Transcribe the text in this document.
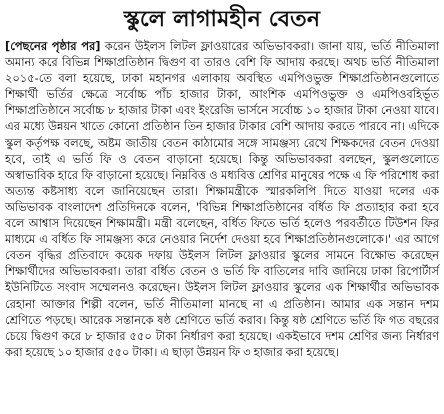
স্কুলে লাগামহীন বেতন

[পেছনের পৃষ্ঠার পর] করেন উইলস লিটল ফ্লাওয়ারের অভিভাবকরা। জানা যায়, ভর্তি নীতিমালা অমান্য করে বিভিন্ন শিক্ষাপ্রতিষ্ঠান দ্বিগুণ বা তারও বেশি ফি আদায় করছে। অথচ ভর্তি নীতিমালা ২০১৫-তে বলা হয়েছে, ঢাকা মহানগর এলাকায় অবস্থিত এমপিওভুক্ত শিক্ষাপ্রতিষ্ঠানগুলোতে শিক্ষার্থী ভর্তির ক্ষেত্রে সর্বোচ্চ পাঁচ হাজার টাকা, আংশিক এমপিওভুক্ত ও এমপিওবহির্ভূত শিক্ষাপ্রতিষ্ঠানে সর্বোচ্চ ৮ হাজার টাকা এবং ইংরেজি ভার্সনে সর্বোচ্চ ১০ হাজার টাকা নেওয়া যাবে। এর মধ্যে উন্নয়ন খাতে কোনো প্রতিষ্ঠান তিন হাজার টাকার বেশি আদায় করতে পারবে না। এদিকে স্কুল কর্তৃপক্ষ বলছে, অষ্টম জাতীয় বেতন কাঠামোর সঙ্গে সামঞ্জস্য রেখে শিক্ষকদের বেতন দেওয়া হবে, তাই এ ভর্তি ফি ও বেতন বাড়ানো হয়েছে। কিন্তু অভিভাবকরা বলছেন, স্কুলগুলোতে অস্বাভাবিক হারে ফি বাড়ানো হয়েছে। নিম্নবিত্ত ও মধ্যবিত্ত শ্রেণির মানুষের পক্ষে এ ফি পরিশোধ করা অত্যন্ত কষ্টসাধ্য বলে জানিয়েছেন তারা। শিক্ষামন্ত্রীকে স্মারকলিপি দিতে যাওয়া দলের এক অভিভাবক বাংলাদেশ প্রতিদিনকে বলেন, 'বিভিন্ন শিক্ষাপ্রতিষ্ঠানের বর্ধিত ফি প্রত্যাহার করা হবে বলে আশ্বাস দিয়েছেন শিক্ষামন্ত্রী। মন্ত্রী বলেছেন, বর্ধিত ফিতে ভর্তি হলেও পরবর্তীতে টিউশন ফির মাধ্যমে এ বর্ধিত ফি সামঞ্জস্য করে নেওয়ার নির্দেশ দেওয়া হবে শিক্ষাপ্রতিষ্ঠানগুলোকে।' এর আগে বেতন বৃদ্ধির প্রতিবাদে কয়েক দফায় উইলস লিটল ফ্লাওয়ার স্কুলের সামনে বিক্ষোভ করেছেন শিক্ষার্থীদের অভিভাবকরা। তারা বর্ধিত বেতন ও ভর্তি ফি বাতিলের দাবি জানিয়ে ঢাকা রিপোর্টার্স ইউনিটিতে সংবাদ সম্মেলনও করেছেন। উইলস লিটল ফ্লাওয়ার স্কুলের এক শিক্ষার্থীর অভিভাবক রেহানা আক্তার শিল্পী বলেন, ভর্তি নীতিমালা মানছে না এ প্রতিষ্ঠান। আমার এক সন্তান দশম শ্রেণিতে পড়ছে। আরেক সন্তানকে ষষ্ঠ শ্রেণিতে ভর্তি করাব। কিন্তু ষষ্ঠ শ্রেণিতে ভর্তি ফি গত বছরের চেয়ে দ্বিগুণ করে ৮ হাজার ৫৫০ টাকা নির্ধারণ করা হয়েছে। একইভাবে দশম শ্রেণির জন্য নির্ধারণ করা হয়েছে ১০ হাজার ৫৫০ টাকা। এ ছাড়া উন্নয়ন ফি ৩ হাজার করা হয়েছে।
